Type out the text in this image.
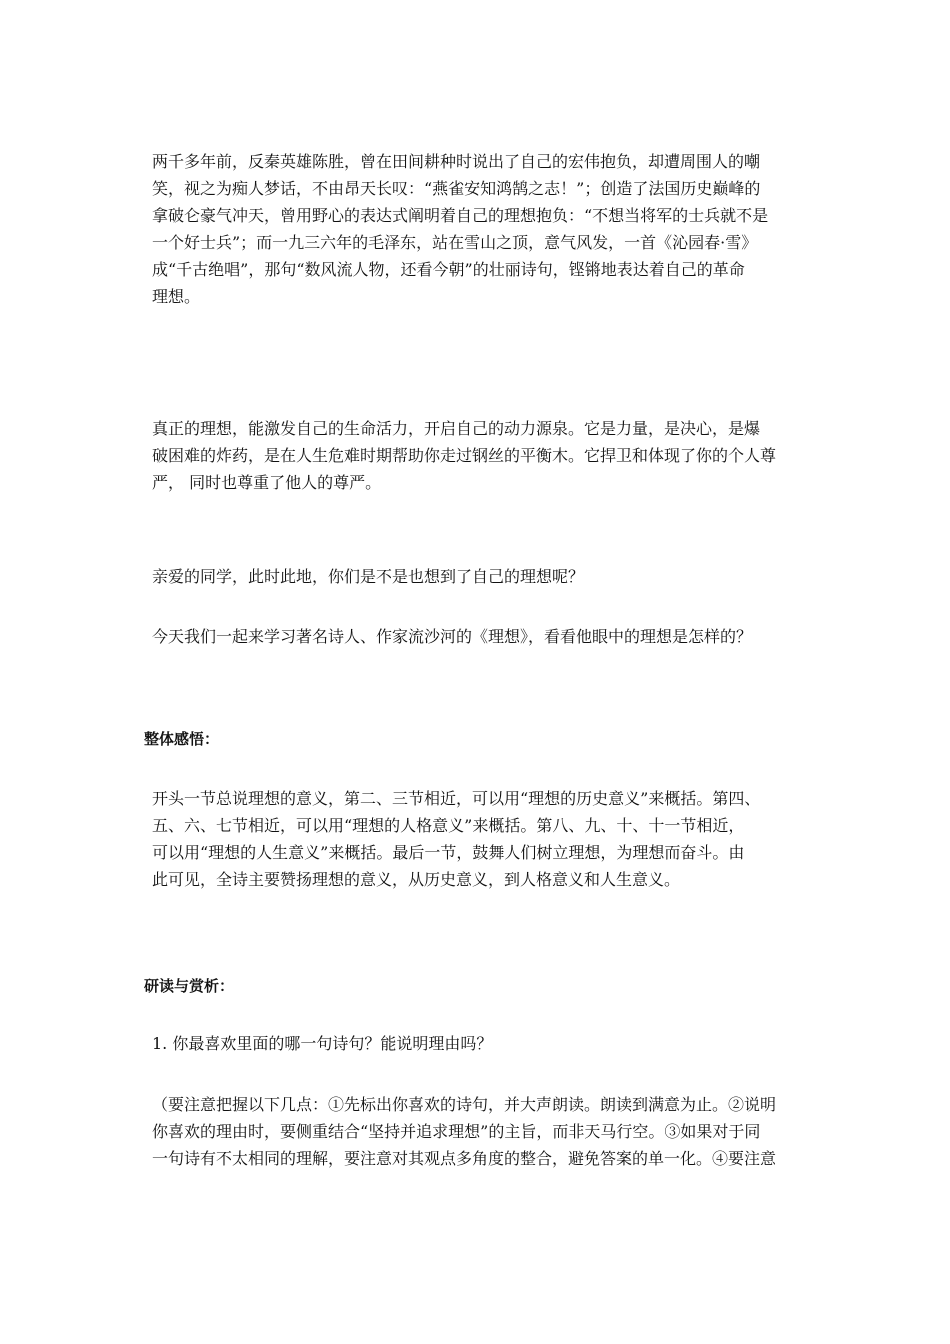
两千多年前，反秦英雄陈胜，曾在田间耕种时说出了自己的宏伟抱负，却遭周围人的嘲
笑，视之为痴人梦话，不由昂天长叹：“燕雀安知鸿鹄之志！”；创造了法国历史巅峰的
拿破仑豪气冲天，曾用野心的表达式阐明着自己的理想抱负：“不想当将军的士兵就不是
一个好士兵”；而一九三六年的毛泽东，站在雪山之顶，意气风发，一首《沁园春·雪》
成“千古绝唱”，那句“数风流人物，还看今朝”的壮丽诗句，铿锵地表达着自己的革命
理想。
真正的理想，能激发自己的生命活力，开启自己的动力源泉。它是力量，是决心，是爆
破困难的炸药，是在人生危难时期帮助你走过钢丝的平衡木。它捍卫和体现了你的个人尊
严， 同时也尊重了他人的尊严。
亲爱的同学，此时此地，你们是不是也想到了自己的理想呢？
今天我们一起来学习著名诗人、作家流沙河的《理想》，看看他眼中的理想是怎样的？
整体感悟：
开头一节总说理想的意义，第二、三节相近，可以用“理想的历史意义”来概括。第四、
五、六、七节相近，可以用“理想的人格意义”来概括。第八、九、十、十一节相近，
可以用“理想的人生意义”来概括。最后一节，鼓舞人们树立理想，为理想而奋斗。由
此可见，全诗主要赞扬理想的意义，从历史意义，到人格意义和人生意义。
研读与赏析：
1. 你最喜欢里面的哪一句诗句？能说明理由吗？
（要注意把握以下几点：①先标出你喜欢的诗句，并大声朗读。朗读到满意为止。②说明
你喜欢的理由时，要侧重结合“坚持并追求理想”的主旨，而非天马行空。③如果对于同
一句诗有不太相同的理解，要注意对其观点多角度的整合，避免答案的单一化。④要注意
